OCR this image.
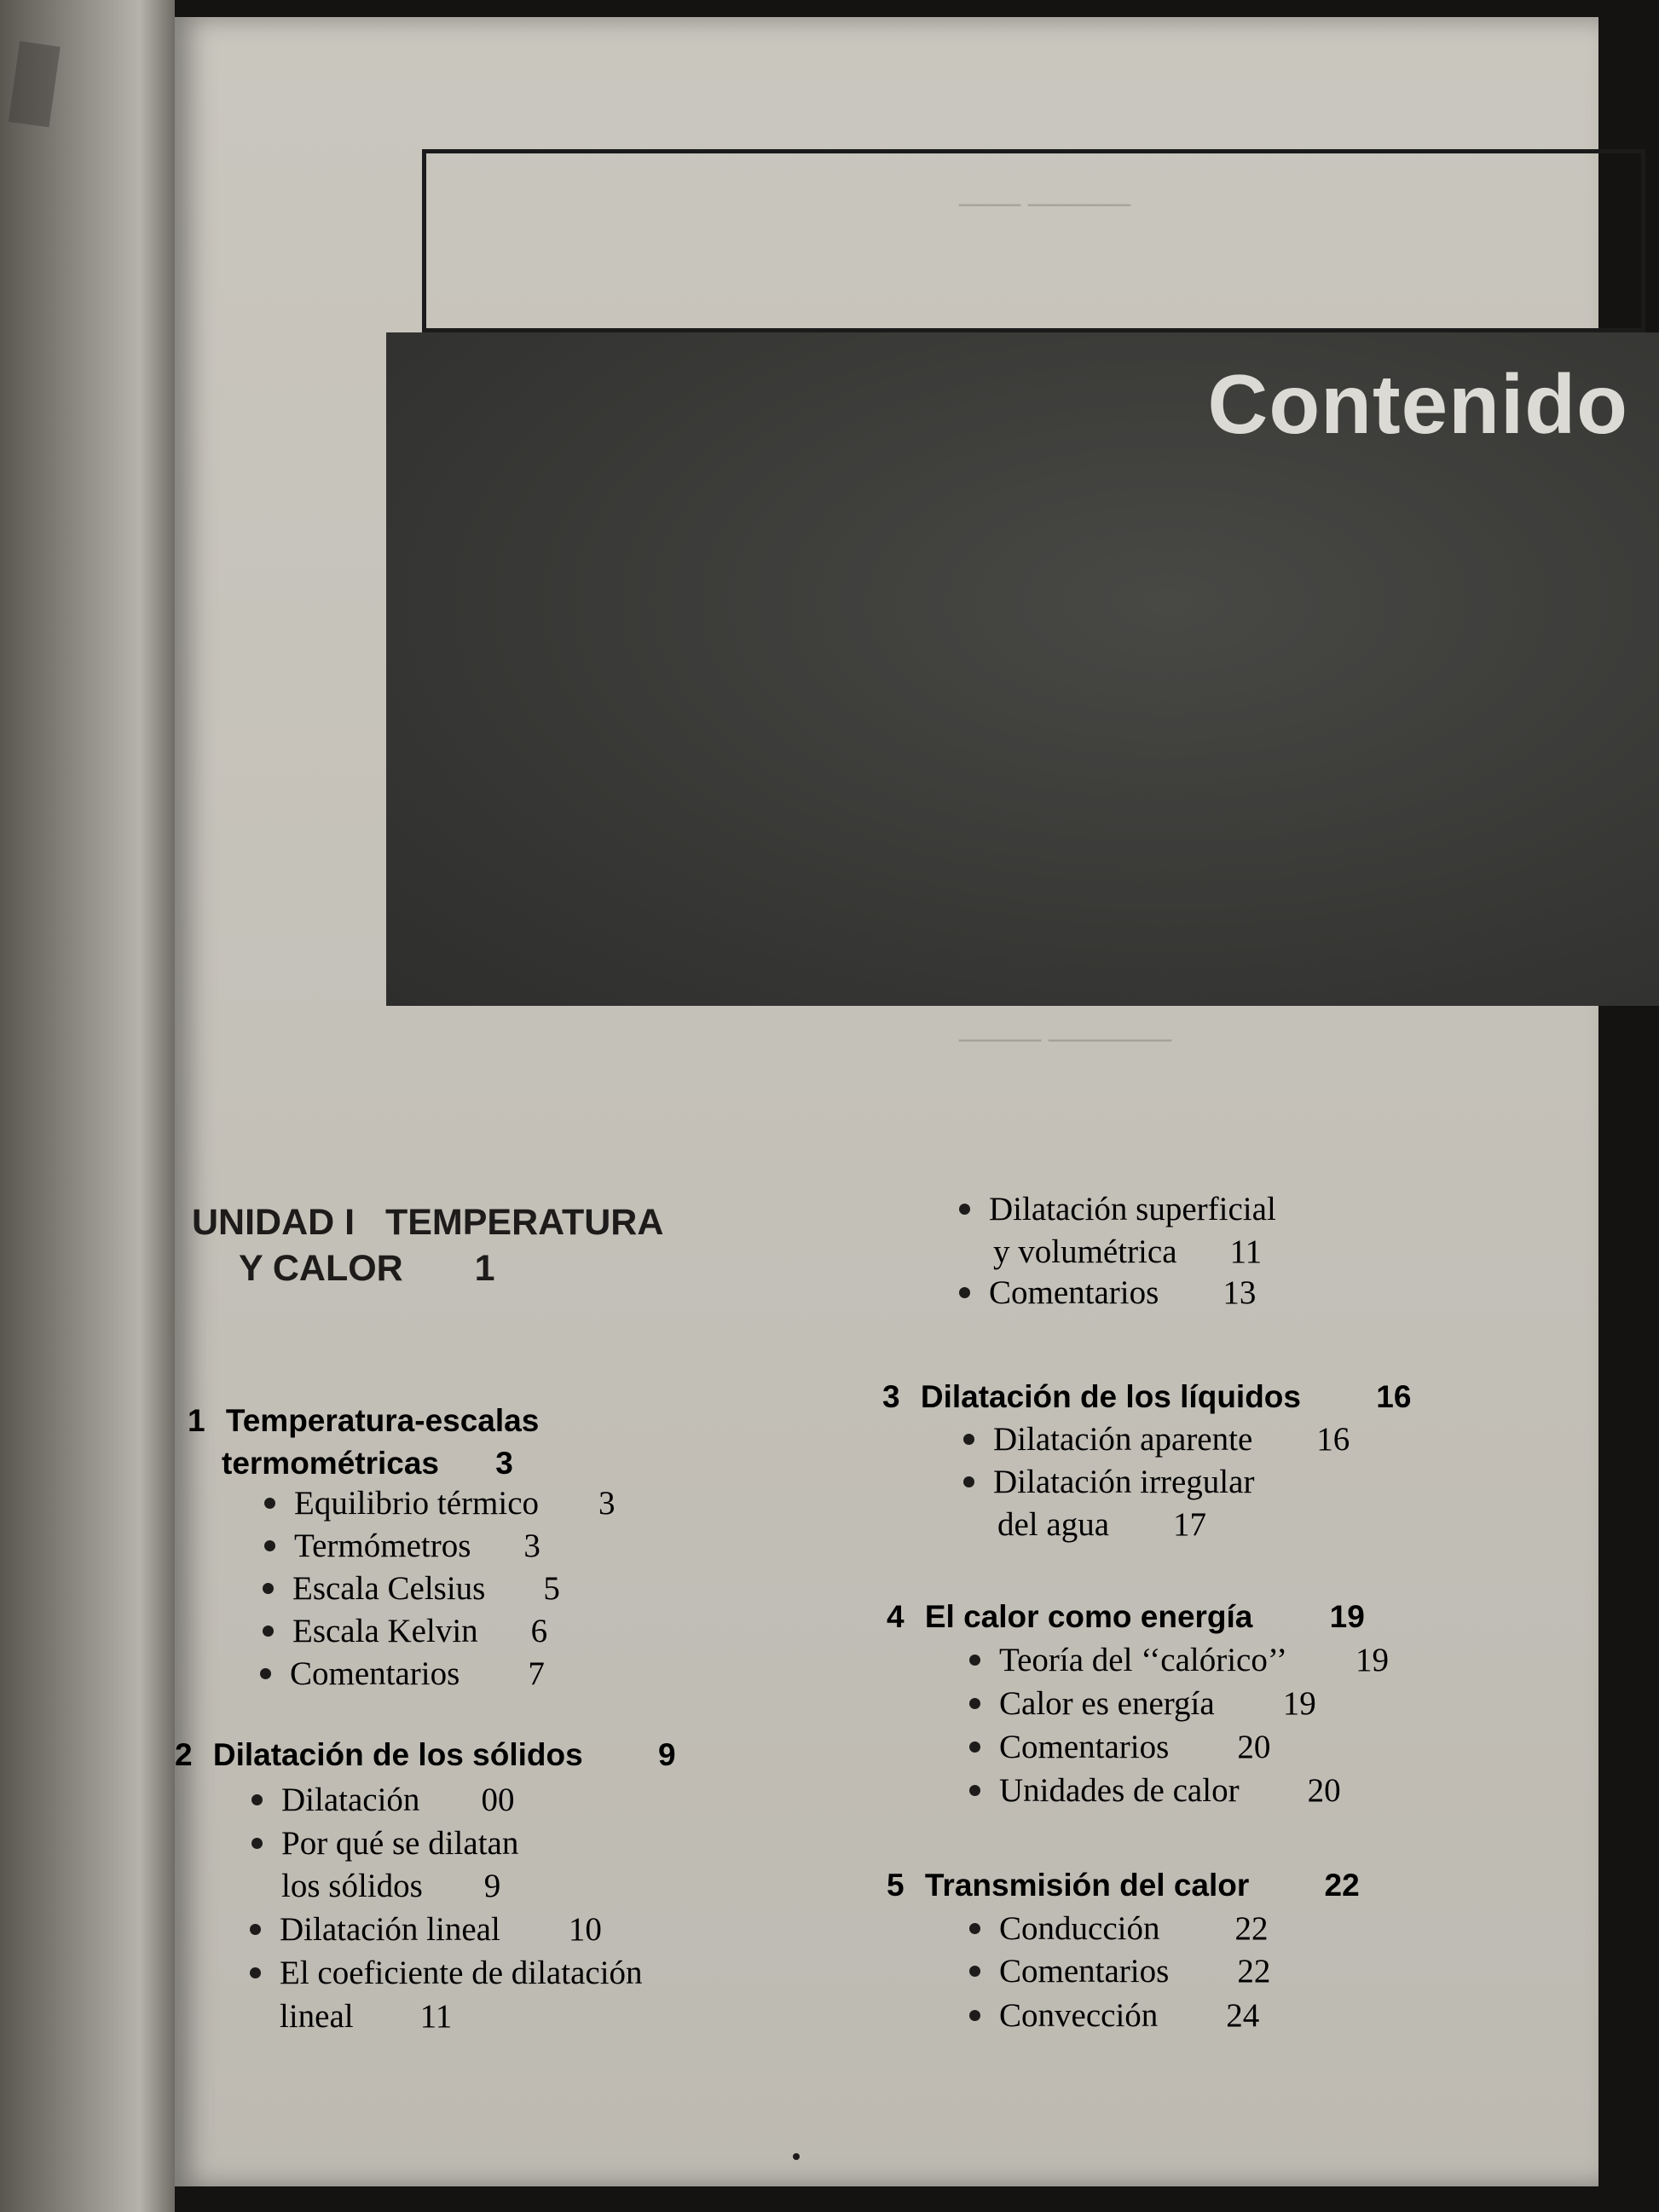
▮
───── ───
────── ────
Contenido

UNIDAD I   TEMPERATURA

Y CALOR 1

1 Temperatura-escalas
termométricas 3
Equilibrio térmico 3
Termómetros 3
Escala Celsius 5
Escala Kelvin 6
Comentarios 7
2 Dilatación de los sólidos 9
Dilatación 00
Por qué se dilatan
los sólidos 9
Dilatación lineal 10
El coeficiente de dilatación
lineal 11
Dilatación superficial
y volumétrica 11
Comentarios 13
3 Dilatación de los líquidos 16
Dilatación aparente 16
Dilatación irregular
del agua 17
4 El calor como energía 19
Teoría del ‘‘calórico’’ 19
Calor es energía 19
Comentarios 20
Unidades de calor 20
5 Transmisión del calor 22
Conducción 22
Comentarios 22
Convección 24
